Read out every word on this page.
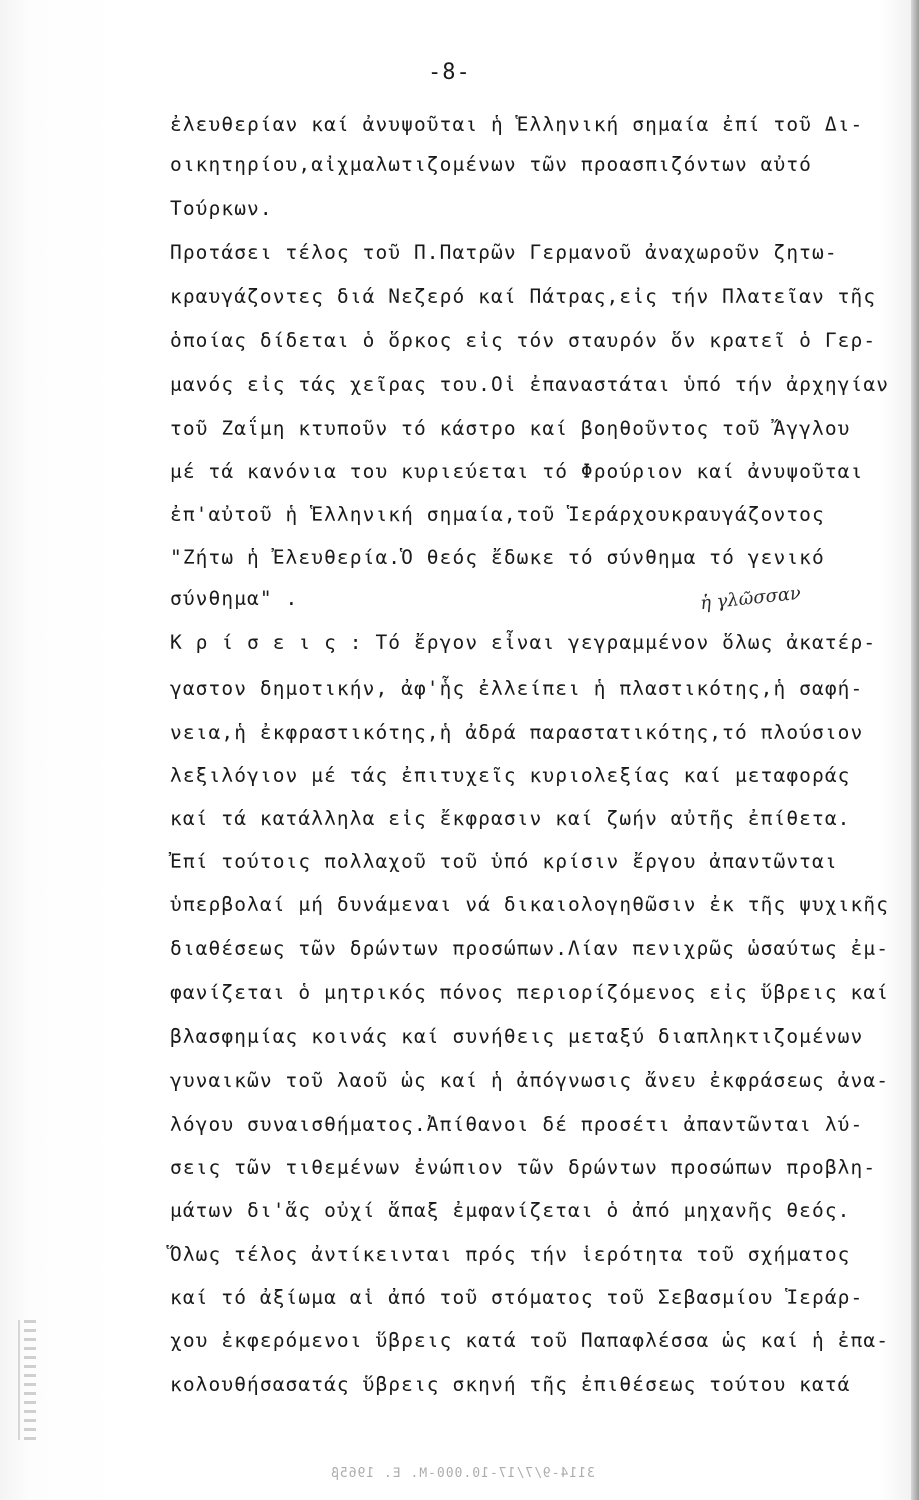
-8-
ἐλευθερίαν καί ἀνυψοῦται ἡ Ἑλληνική σημαία ἐπί τοῦ Δι-
οικητηρίου,αἰχμαλωτιζομένων τῶν προασπιζόντων αὐτό
Τούρκων.
Προτάσει τέλος τοῦ Π.Πατρῶν Γερμανοῦ ἀναχωροῦν ζητω-
κραυγάζοντες διά Νεζερό καί Πάτρας,εἰς τήν Πλατεῖαν τῆς
ὁποίας δίδεται ὁ ὅρκος εἰς τόν σταυρόν ὅν κρατεῖ ὁ Γερ-
μανός εἰς τάς χεῖρας του.Οἱ ἐπαναστάται ὑπό τήν ἀρχηγίαν
τοῦ Ζαΐμη κτυποῦν τό κάστρο καί βοηθοῦντος τοῦ Ἄγγλου
μέ τά κανόνια του κυριεύεται τό Φρούριον καί ἀνυψοῦται
ἐπ'αὐτοῦ ἡ Ἑλληνική σημαία,τοῦ Ἱεράρχουκραυγάζοντος
"Ζήτω ἡ Ἐλευθερία.Ὁ θεός ἔδωκε τό σύνθημα τό γενικό
σύνθημα" .
Κ ρ ί σ ε ι ς : Τό ἔργον εἶναι γεγραμμένον ὅλως ἀκατέρ-
γαστον δημοτικήν, ἀφ'ἧς ἐλλείπει ἡ πλαστικότης,ἡ σαφή-
νεια,ἡ ἐκφραστικότης,ἡ ἀδρά παραστατικότης,τό πλούσιον
λεξιλόγιον μέ τάς ἐπιτυχεῖς κυριολεξίας καί μεταφοράς
καί τά κατάλληλα εἰς ἔκφρασιν καί ζωήν αὐτῆς ἐπίθετα.
Ἐπί τούτοις πολλαχοῦ τοῦ ὑπό κρίσιν ἔργου ἀπαντῶνται
ὑπερβολαί μή δυνάμεναι νά δικαιολογηθῶσιν ἐκ τῆς ψυχικῆς
διαθέσεως τῶν δρώντων προσώπων.Λίαν πενιχρῶς ὡσαύτως ἐμ-
φανίζεται ὁ μητρικός πόνος περιορίζόμενος εἰς ὕβρεις καί
βλασφημίας κοινάς καί συνήθεις μεταξύ διαπληκτιζομένων
γυναικῶν τοῦ λαοῦ ὡς καί ἡ ἀπόγνωσις ἄνευ ἐκφράσεως ἀνα-
λόγου συναισθήματος.Ἀπίθανοι δέ προσέτι ἀπαντῶνται λύ-
σεις τῶν τιθεμένων ἐνώπιον τῶν δρώντων προσώπων προβλη-
μάτων δι'ἅς οὐχί ἅπαξ ἐμφανίζεται ὁ ἀπό μηχανῆς θεός.
Ὅλως τέλος ἀντίκεινται πρός τήν ἱερότητα τοῦ σχήματος
καί τό ἀξίωμα αἱ ἀπό τοῦ στόματος τοῦ Σεβασμίου Ἱεράρ-
χου ἐκφερόμενοι ὕβρεις κατά τοῦ Παπαφλέσσα ὡς καί ἡ ἐπα-
κολουθήσασατάς ὕβρεις σκηνή τῆς ἐπιθέσεως τούτου κατά
ἡ γλῶσσαν
3114-9/7/17-10.000-Μ. Ε. 1965β
